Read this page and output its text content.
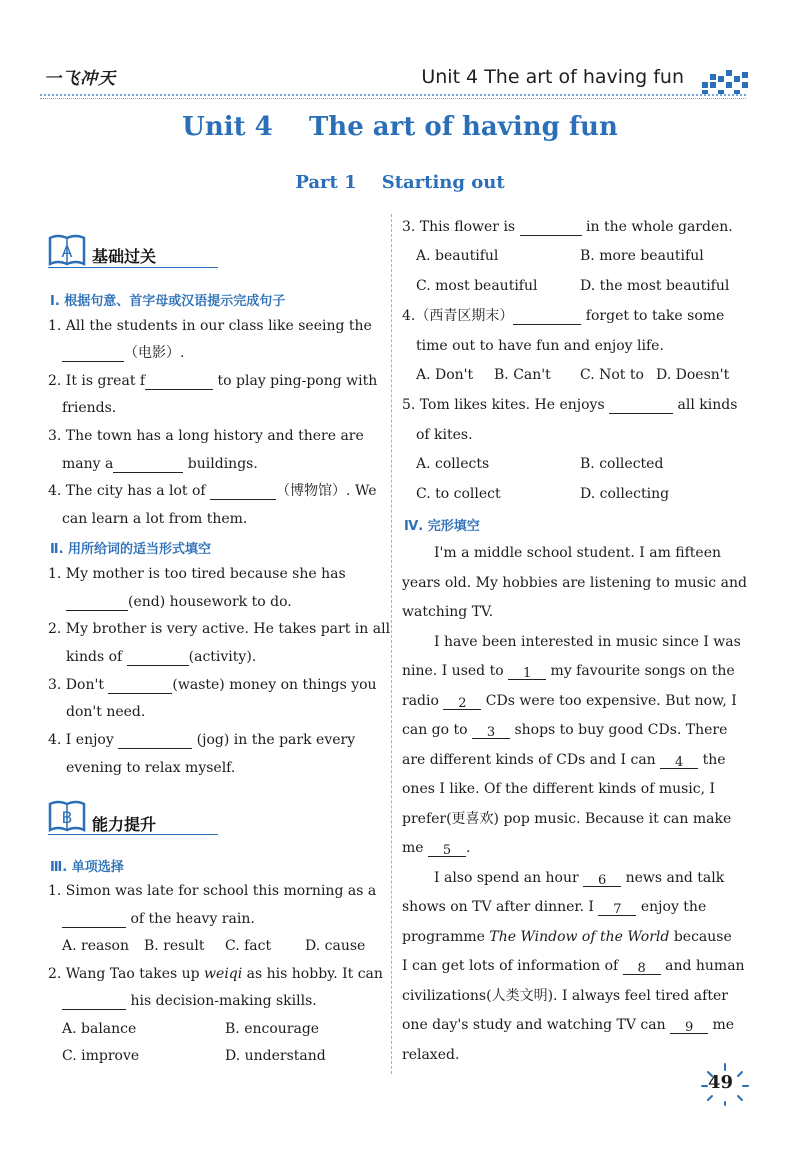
一飞冲天	Unit 4 The art of having fun
Unit 4    The art of having fun
Part 1    Starting out
A 基础过关
Ⅰ. 根据句意、首字母或汉语提示完成句子
1. All the students in our class like seeing the
（电影）.
2. It is great f	to play ping-pong with
friends.
3. The town has a long history and there are
many a	buildings.
4. The city has a lot of	（博物馆）. We
can learn a lot from them.
Ⅱ. 用所给词的适当形式填空
1. My mother is too tired because she has
(end) housework to do.
2. My brother is very active. He takes part in all
kinds of	(activity).
3. Don't	(waste) money on things you
don't need.
4. I enjoy	(jog) in the park every
evening to relax myself.
B 能力提升
Ⅲ. 单项选择
1. Simon was late for school this morning as a
of the heavy rain.
A. reason B. result C. fact D. cause
2. Wang Tao takes up weiqi as his hobby. It can
his decision-making skills.
A. balance	B. encourage
C. improve	D. understand
3. This flower is	in the whole garden.
A. beautiful	B. more beautiful
C. most beautiful	D. the most beautiful
4.（西青区期末）	forget to take some
time out to have fun and enjoy life.
A. Don't B. Can't C. Not to D. Doesn't
5. Tom likes kites. He enjoys	all kinds
of kites.
A. collects	B. collected
C. to collect	D. collecting
Ⅳ. 完形填空
I'm a middle school student. I am fifteen
years old. My hobbies are listening to music and
watching TV.
I have been interested in music since I was
nine. I used to 1 my favourite songs on the
radio 2 CDs were too expensive. But now, I
can go to 3 shops to buy good CDs. There
are different kinds of CDs and I can 4 the
ones I like. Of the different kinds of music, I
prefer(更喜欢) pop music. Because it can make
me 5 .
I also spend an hour 6 news and talk
shows on TV after dinner. I 7 enjoy the
programme The Window of the World because
I can get lots of information of 8 and human
civilizations(人类文明). I always feel tired after
one day's study and watching TV can 9 me
relaxed.
49
